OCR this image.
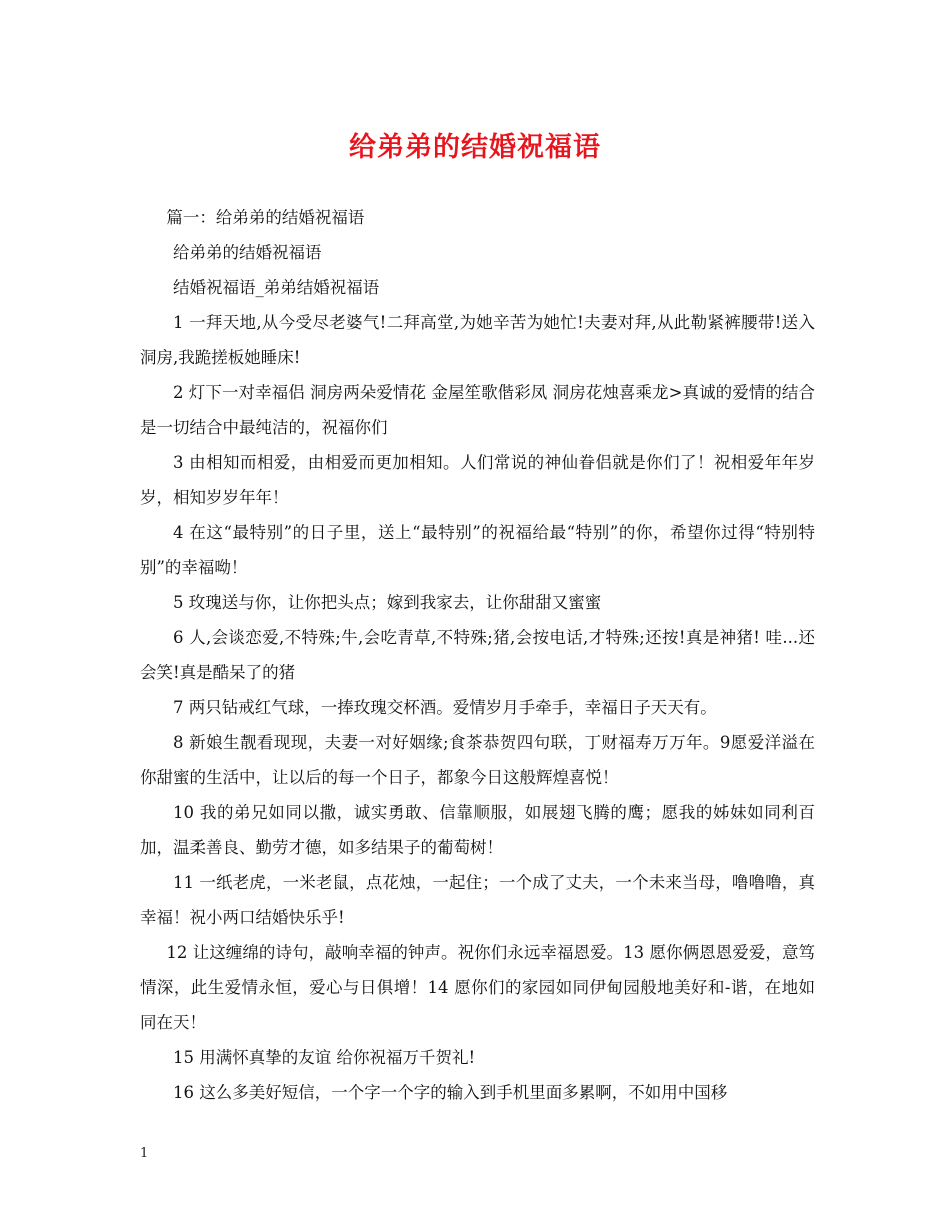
给弟弟的结婚祝福语

篇一：给弟弟的结婚祝福语

给弟弟的结婚祝福语

结婚祝福语_弟弟结婚祝福语

1 一拜天地,从今受尽老婆气!二拜高堂,为她辛苦为她忙!夫妻对拜,从此勒紧裤腰带!送入洞房,我跪搓板她睡床!

2 灯下一对幸福侣 洞房两朵爱情花 金屋笙歌偕彩凤 洞房花烛喜乘龙>真诚的爱情的结合是一切结合中最纯洁的，祝福你们

3 由相知而相爱，由相爱而更加相知。人们常说的神仙眷侣就是你们了！祝相爱年年岁岁，相知岁岁年年！

4 在这“最特别”的日子里，送上“最特别”的祝福给最“特别”的你，希望你过得“特别特别”的幸福呦！

5 玫瑰送与你，让你把头点；嫁到我家去，让你甜甜又蜜蜜

6 人,会谈恋爱,不特殊;牛,会吃青草,不特殊;猪,会按电话,才特殊;还按!真是神猪! 哇...还会笑!真是酷呆了的猪

7 两只钻戒红气球，一捧玫瑰交杯酒。爱情岁月手牵手，幸福日子天天有。

8 新娘生靓看现现，夫妻一对好姻缘;食茶恭贺四句联，丁财福寿万万年。9愿爱洋溢在你甜蜜的生活中，让以后的每一个日子，都象今日这般辉煌喜悦！

10 我的弟兄如同以撒，诚实勇敢、信靠顺服，如展翅飞腾的鹰；愿我的姊妹如同利百加，温柔善良、勤劳才德，如多结果子的葡萄树！

11 一纸老虎，一米老鼠，点花烛，一起住；一个成了丈夫，一个未来当母，噜噜噜，真幸福！祝小两口结婚快乐乎!

12 让这缠绵的诗句，敲响幸福的钟声。祝你们永远幸福恩爱。13 愿你俩恩恩爱爱，意笃情深，此生爱情永恒，爱心与日俱增！14 愿你们的家园如同伊甸园般地美好和-谐，在地如同在天！

15 用满怀真挚的友谊 给你祝福万千贺礼!

16 这么多美好短信，一个字一个字的输入到手机里面多累啊，不如用中国移

1
